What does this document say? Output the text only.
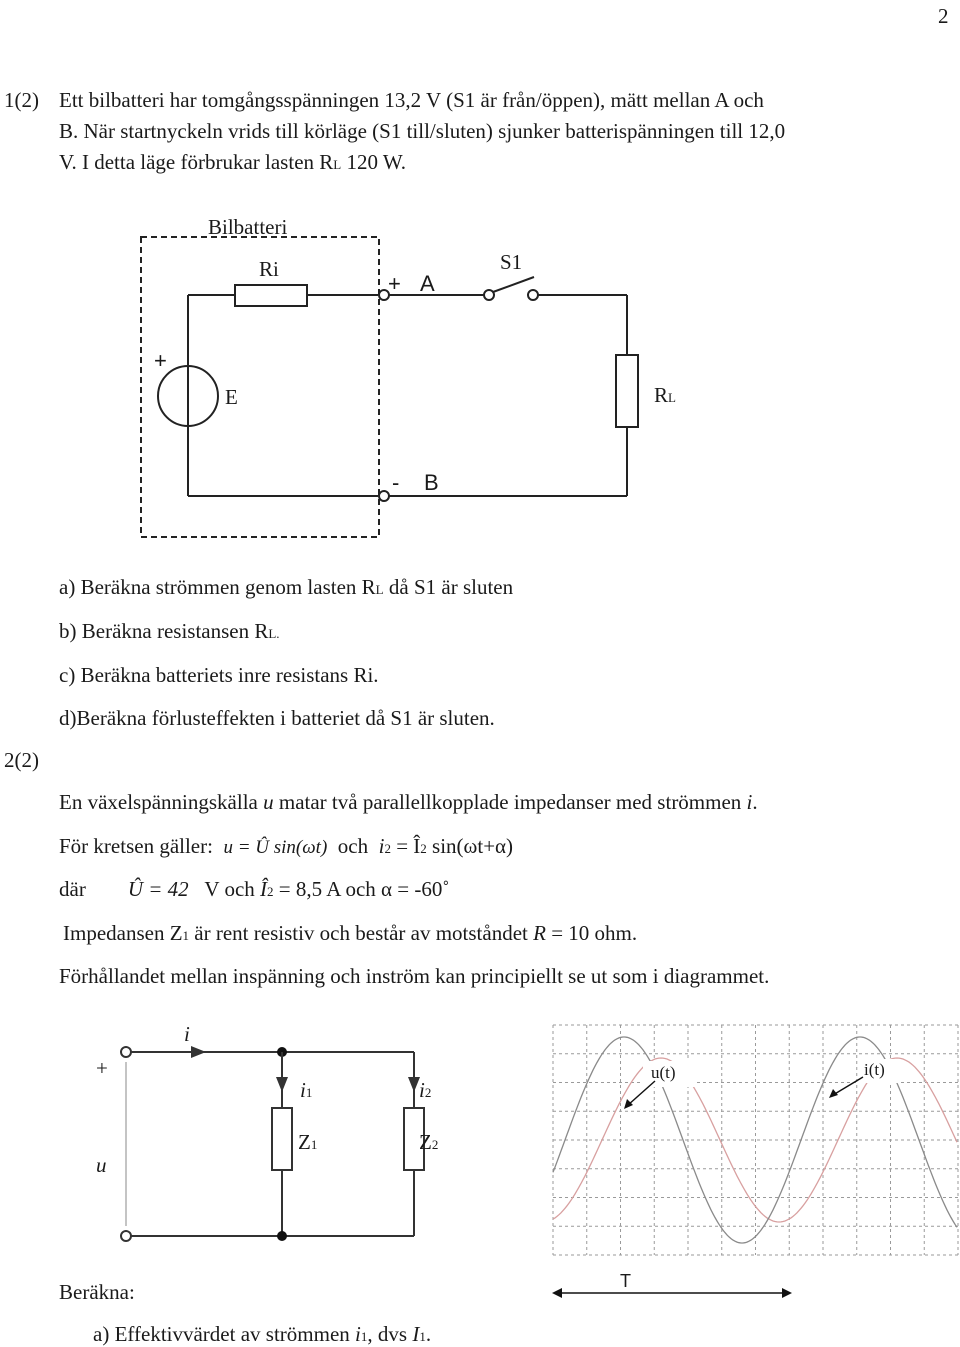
2
1(2) Ett bilbatteri har tomgångsspänningen 13,2 V (S1 är från/öppen), mätt mellan A och
B. När startnyckeln vrids till körläge (S1 till/sluten) sjunker batterispänningen till 12,0
V. I detta läge förbrukar lasten RL 120 W.
Bilbatteri
Ri
+ A
S1
RL
+
E
- B
a) Beräkna strömmen genom lasten RL då S1 är sluten
b) Beräkna resistansen RL.
c) Beräkna batteriets inre resistans Ri.
d)Beräkna förlusteffekten i batteriet då S1 är sluten.
2(2)
En växelspänningskälla u matar två parallellkopplade impedanser med strömmen i.
För kretsen gäller: u = Û sin(ωt) och i2 = Î2 sin(ωt+α)
där Û = 42 V och Î2 = 8,5 A och α = -60˚
Impedansen Z1 är rent resistiv och består av motståndet R = 10 ohm.
Förhållandet mellan inspänning och inström kan principiellt se ut som i diagrammet.
+
u
i
i1
Z1
i2
Z2
u(t)	i(t)
T
Beräkna:
a) Effektivvärdet av strömmen i1, dvs I1.
